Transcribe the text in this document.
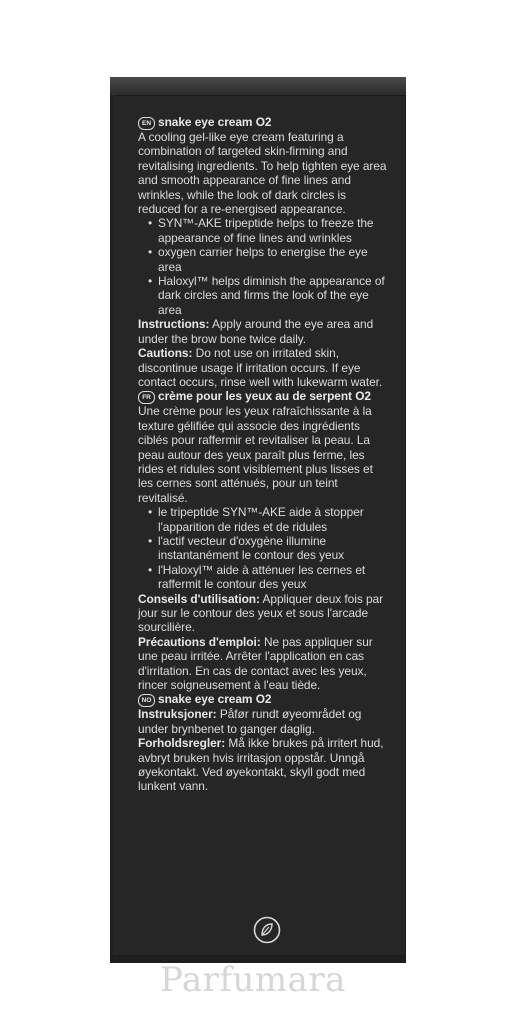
EN snake eye cream O2

A cooling gel-like eye cream featuring a combination of targeted skin-firming and revitalising ingredients. To help tighten eye area and smooth appearance of fine lines and wrinkles, while the look of dark circles is reduced for a re-energised appearance.

• SYN™-AKE tripeptide helps to freeze the appearance of fine lines and wrinkles
• oxygen carrier helps to energise the eye area
• Haloxyl™ helps diminish the appearance of dark circles and firms the look of the eye area

Instructions: Apply around the eye area and under the brow bone twice daily.

Cautions: Do not use on irritated skin, discontinue usage if irritation occurs. If eye contact occurs, rinse well with lukewarm water.

FR crème pour les yeux au de serpent O2

Une crème pour les yeux rafraîchissante à la texture gélifiée qui associe des ingrédients ciblés pour raffermir et revitaliser la peau. La peau autour des yeux paraît plus ferme, les rides et ridules sont visiblement plus lisses et les cernes sont atténués, pour un teint revitalisé.

• le tripeptide SYN™-AKE aide à stopper l'apparition de rides et de ridules
• l'actif vecteur d'oxygène illumine instantanément le contour des yeux
• l'Haloxyl™ aide à atténuer les cernes et raffermit le contour des yeux

Conseils d'utilisation: Appliquer deux fois par jour sur le contour des yeux et sous l'arcade sourcilière.

Précautions d'emploi: Ne pas appliquer sur une peau irritée. Arrêter l'application en cas d'irritation. En cas de contact avec les yeux, rincer soigneusement à l'eau tiède.

NO snake eye cream O2

Instruksjoner: Påfør rundt øyeområdet og under brynbenet to ganger daglig.

Forholdsregler: Må ikke brukes på irritert hud, avbryt bruken hvis irritasjon oppstår. Unngå øyekontakt. Ved øyekontakt, skyll godt med lunkent vann.

Parfumara
